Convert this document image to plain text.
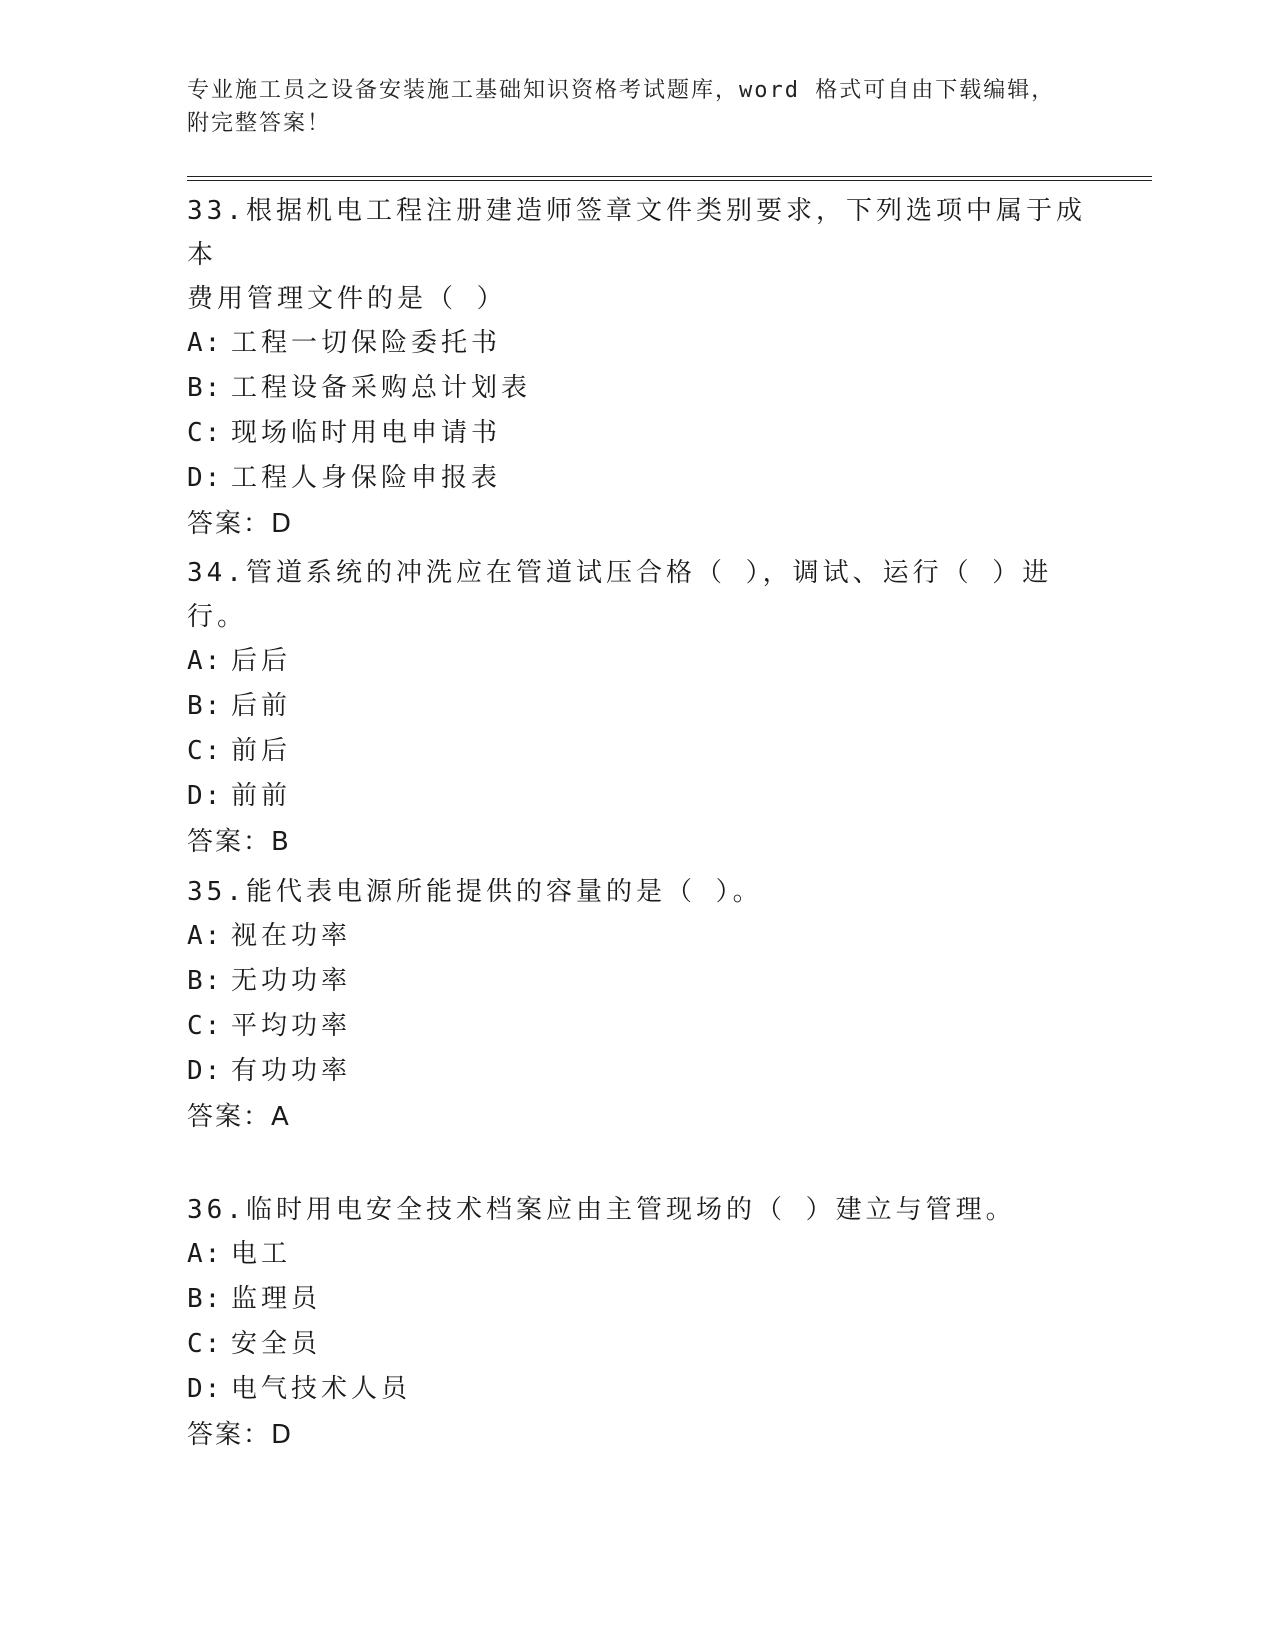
专业施工员之设备安装施工基础知识资格考试题库，word 格式可自由下载编辑，
附完整答案！

33.根据机电工程注册建造师签章文件类别要求，下列选项中属于成本

费用管理文件的是（ ）

A: 工程一切保险委托书

B: 工程设备采购总计划表

C: 现场临时用电申请书

D: 工程人身保险申报表

答案：D

34.管道系统的冲洗应在管道试压合格（ ），调试、运行（ ）进行。

A: 后后

B: 后前

C: 前后

D: 前前

答案：B

35.能代表电源所能提供的容量的是（ ）。

A: 视在功率

B: 无功功率

C: 平均功率

D: 有功功率

答案：A

36.临时用电安全技术档案应由主管现场的（ ）建立与管理。

A: 电工

B: 监理员

C: 安全员

D: 电气技术人员

答案：D
